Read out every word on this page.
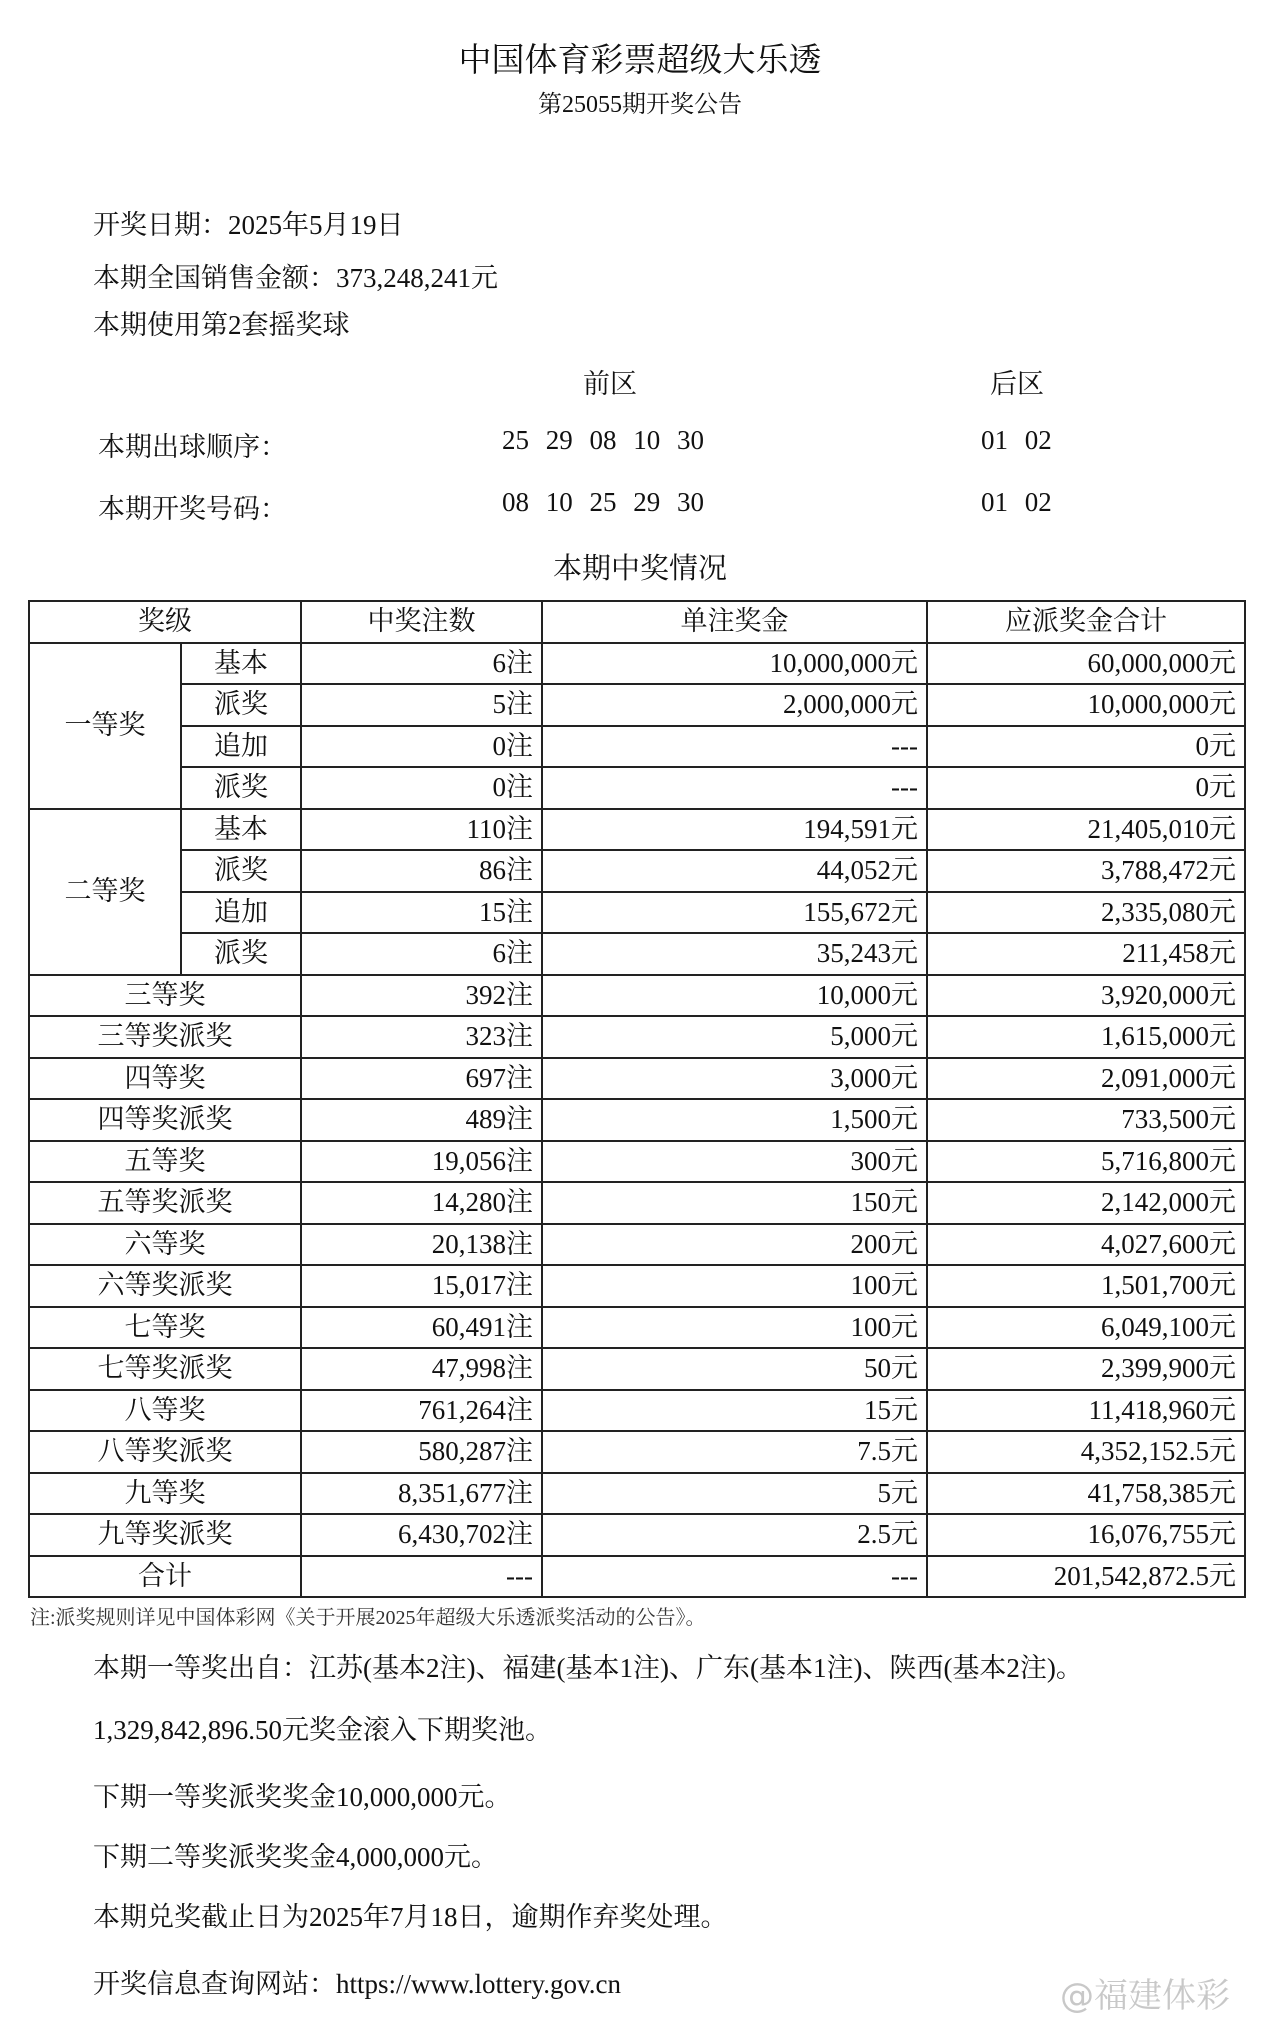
中国体育彩票超级大乐透
第25055期开奖公告
开奖日期：2025年5月19日
本期全国销售金额：373,248,241元
本期使用第2套摇奖球
前区	后区
本期出球顺序：	25 29 08 10 30	01 02
本期开奖号码：	08 10 25 29 30	01 02
本期中奖情况
奖级		中奖注数	单注奖金	应派奖金合计
一等奖	基本	6注	10,000,000元	60,000,000元
	派奖	5注	2,000,000元	10,000,000元
	追加	0注	---	0元
	派奖	0注	---	0元
二等奖	基本	110注	194,591元	21,405,010元
	派奖	86注	44,052元	3,788,472元
	追加	15注	155,672元	2,335,080元
	派奖	6注	35,243元	211,458元
三等奖		392注	10,000元	3,920,000元
三等奖派奖		323注	5,000元	1,615,000元
四等奖		697注	3,000元	2,091,000元
四等奖派奖		489注	1,500元	733,500元
五等奖		19,056注	300元	5,716,800元
五等奖派奖		14,280注	150元	2,142,000元
六等奖		20,138注	200元	4,027,600元
六等奖派奖		15,017注	100元	1,501,700元
七等奖		60,491注	100元	6,049,100元
七等奖派奖		47,998注	50元	2,399,900元
八等奖		761,264注	15元	11,418,960元
八等奖派奖		580,287注	7.5元	4,352,152.5元
九等奖		8,351,677注	5元	41,758,385元
九等奖派奖		6,430,702注	2.5元	16,076,755元
合计		---	---	201,542,872.5元
注:派奖规则详见中国体彩网《关于开展2025年超级大乐透派奖活动的公告》。
本期一等奖出自：江苏(基本2注)、福建(基本1注)、广东(基本1注)、陕西(基本2注)。
1,329,842,896.50元奖金滚入下期奖池。
下期一等奖派奖奖金10,000,000元。
下期二等奖派奖奖金4,000,000元。
本期兑奖截止日为2025年7月18日，逾期作弃奖处理。
开奖信息查询网站：https://www.lottery.gov.cn	@福建体彩
